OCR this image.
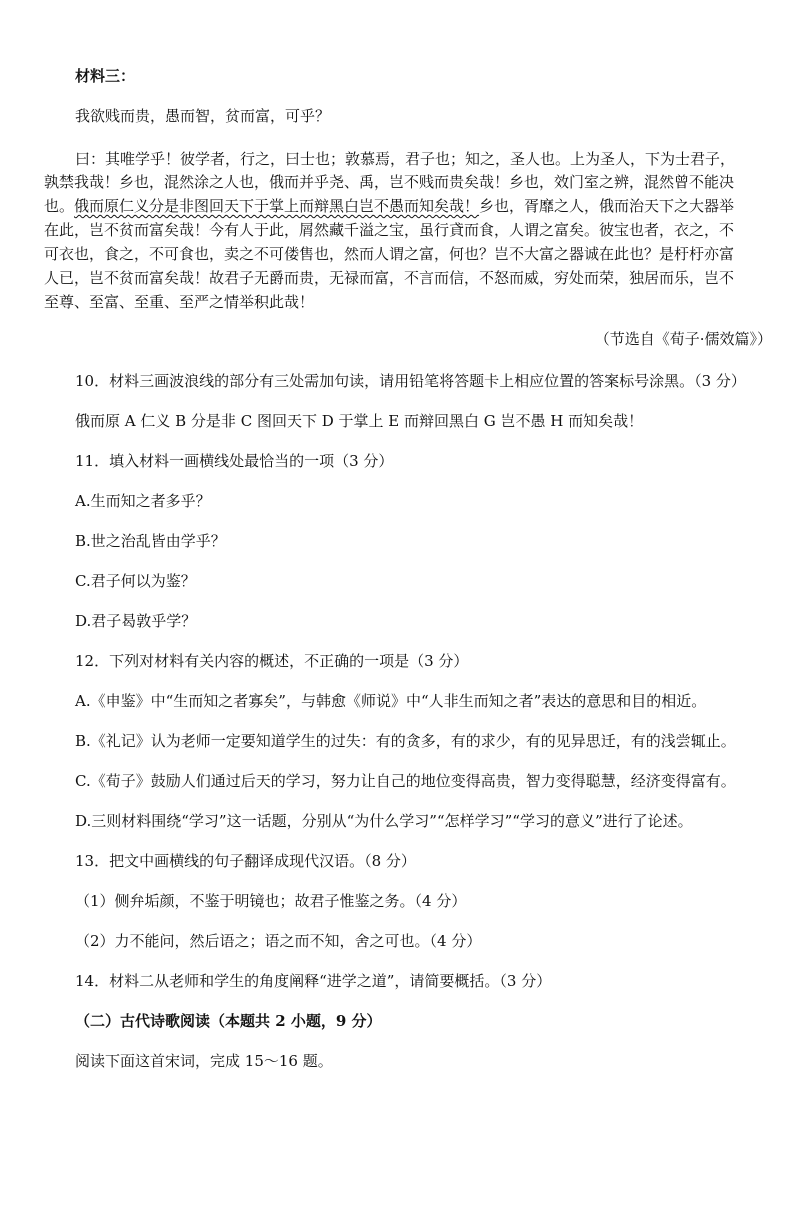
材料三：
我欲贱而贵，愚而智，贫而富，可乎？
曰：其唯学乎！彼学者，行之，曰士也；敦慕焉，君子也；知之，圣人也。上为圣人，下为士君子，
孰禁我哉！乡也，混然涂之人也，俄而并乎尧、禹，岂不贱而贵矣哉！乡也，效门室之辨，混然曾不能决
也。俄而原仁义分是非图回天下于掌上而辩黑白岂不愚而知矣哉！乡也，胥靡之人，俄而治天下之大器举
在此，岂不贫而富矣哉！今有人于此，屑然藏千溢之宝，虽行貣而食，人谓之富矣。彼宝也者，衣之，不
可衣也，食之，不可食也，卖之不可偻售也，然而人谓之富，何也？岂不大富之器诚在此也？是杅杅亦富
人已，岂不贫而富矣哉！故君子无爵而贵，无禄而富，不言而信，不怒而威，穷处而荣，独居而乐，岂不
至尊、至富、至重、至严之情举积此哉！
（节选自《荀子·儒效篇》）
10．材料三画波浪线的部分有三处需加句读，请用铅笔将答题卡上相应位置的答案标号涂黑。（3 分）
俄而原 A 仁义 B 分是非 C 图回天下 D 于掌上 E 而辩回黑白 G 岂不愚 H 而知矣哉！
11．填入材料一画横线处最恰当的一项（3 分）
A.生而知之者多乎？
B.世之治乱皆由学乎？
C.君子何以为鉴？
D.君子曷敦乎学？
12．下列对材料有关内容的概述，不正确的一项是（3 分）
A.《申鉴》中“生而知之者寡矣”，与韩愈《师说》中“人非生而知之者”表达的意思和目的相近。
B.《礼记》认为老师一定要知道学生的过失：有的贪多，有的求少，有的见异思迁，有的浅尝辄止。
C.《荀子》鼓励人们通过后天的学习，努力让自己的地位变得高贵，智力变得聪慧，经济变得富有。
D.三则材料围绕“学习”这一话题，分别从“为什么学习”“怎样学习”“学习的意义”进行了论述。
13．把文中画横线的句子翻译成现代汉语。（8 分）
（1）侧弁垢颜，不鉴于明镜也；故君子惟鉴之务。（4 分）
（2）力不能问，然后语之；语之而不知，舍之可也。（4 分）
14．材料二从老师和学生的角度阐释“进学之道”，请简要概括。（3 分）
（二）古代诗歌阅读（本题共 2 小题，9 分）
阅读下面这首宋词，完成 15～16 题。
